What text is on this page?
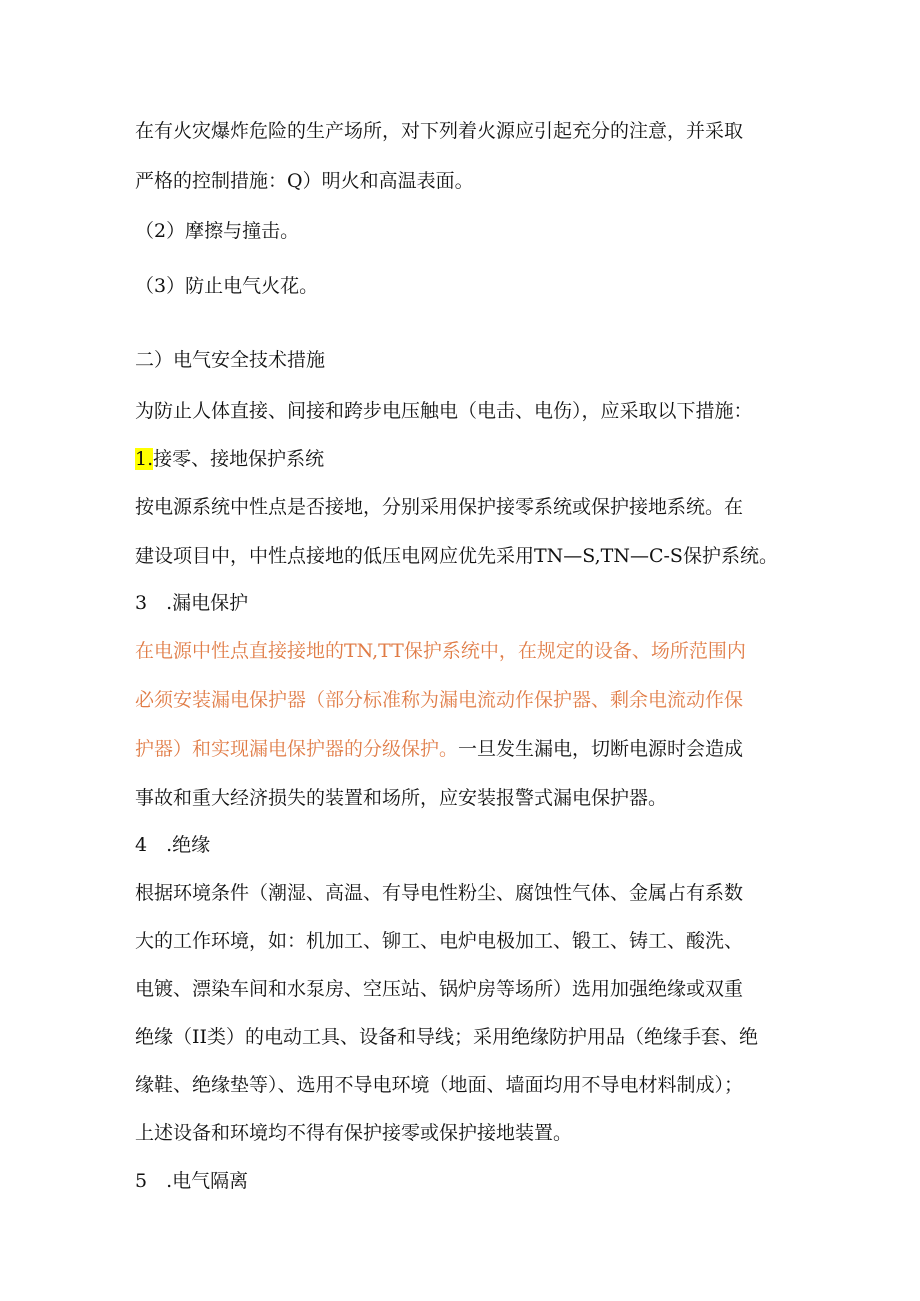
在有火灾爆炸危险的生产场所，对下列着火源应引起充分的注意，并采取
严格的控制措施：Q）明火和高温表面。
（2）摩擦与撞击。
（3）防止电气火花。
二）电气安全技术措施
为防止人体直接、间接和跨步电压触电（电击、电伤），应采取以下措施：
1.接零、接地保护系统
按电源系统中性点是否接地，分别采用保护接零系统或保护接地系统。在
建设项目中，中性点接地的低压电网应优先采用TN—S,TN—C-S保护系统。
3　.漏电保护
在电源中性点直接接地的TN,TT保护系统中，在规定的设备、场所范围内
必须安装漏电保护器（部分标准称为漏电流动作保护器、剩余电流动作保
护器）和实现漏电保护器的分级保护。一旦发生漏电，切断电源时会造成
事故和重大经济损失的装置和场所，应安装报警式漏电保护器。
4　.绝缘
根据环境条件（潮湿、高温、有导电性粉尘、腐蚀性气体、金属占有系数
大的工作环境，如：机加工、铆工、电炉电极加工、锻工、铸工、酸洗、
电镀、漂染车间和水泵房、空压站、锅炉房等场所）选用加强绝缘或双重
绝缘（II类）的电动工具、设备和导线；采用绝缘防护用品（绝缘手套、绝
缘鞋、绝缘垫等）、选用不导电环境（地面、墙面均用不导电材料制成）；
上述设备和环境均不得有保护接零或保护接地装置。
5　.电气隔离
